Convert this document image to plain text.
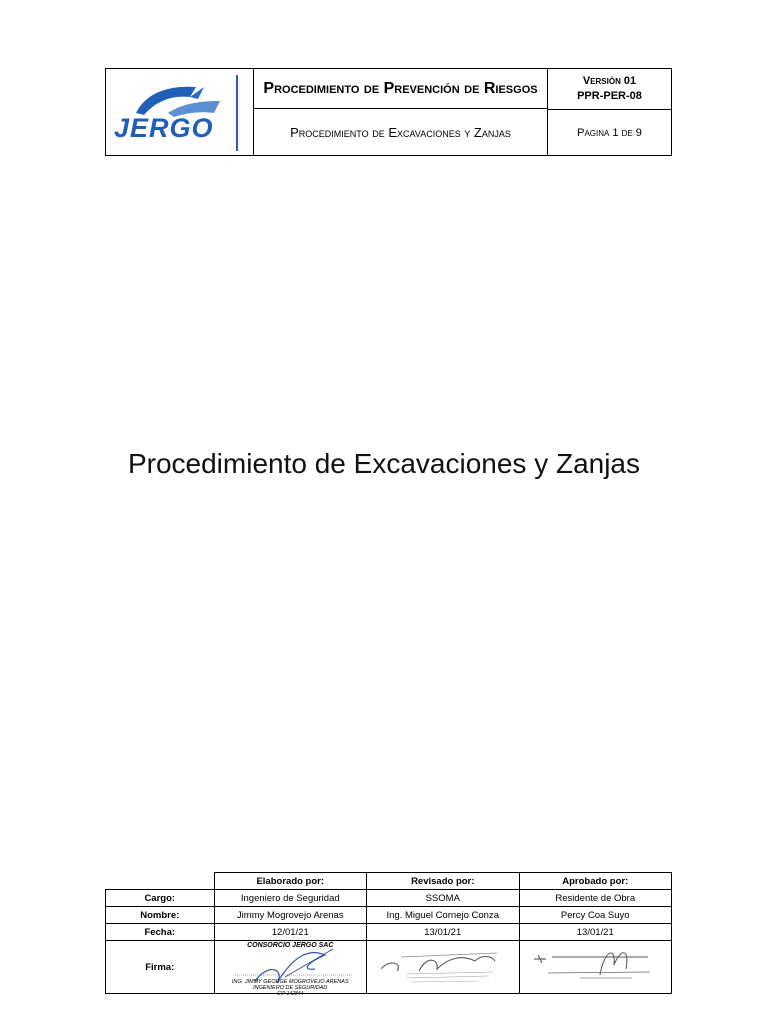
JERGO
Procedimiento de Prevención de Riesgos
Procedimiento de Excavaciones y Zanjas
Versión 01
PPR-PER-08
Pagina 1 de 9
Procedimiento de Excavaciones y Zanjas
	Elaborado por:	Revisado por:	Aprobado por:
Cargo:	Ingeniero de Seguridad	SSOMA	Residente de Obra
Nombre:	Jimmy Mogrovejo Arenas	Ing. Miguel Cornejo Conza	Percy Coa Suyo
Fecha:	12/01/21	13/01/21	13/01/21
Firma:	CONSORCIO JERGO SAC
ING. JIMMY GEORGE MOGROVEJO ARENAS
INGENIERO DE SEGURIDAD
CIP 142844
